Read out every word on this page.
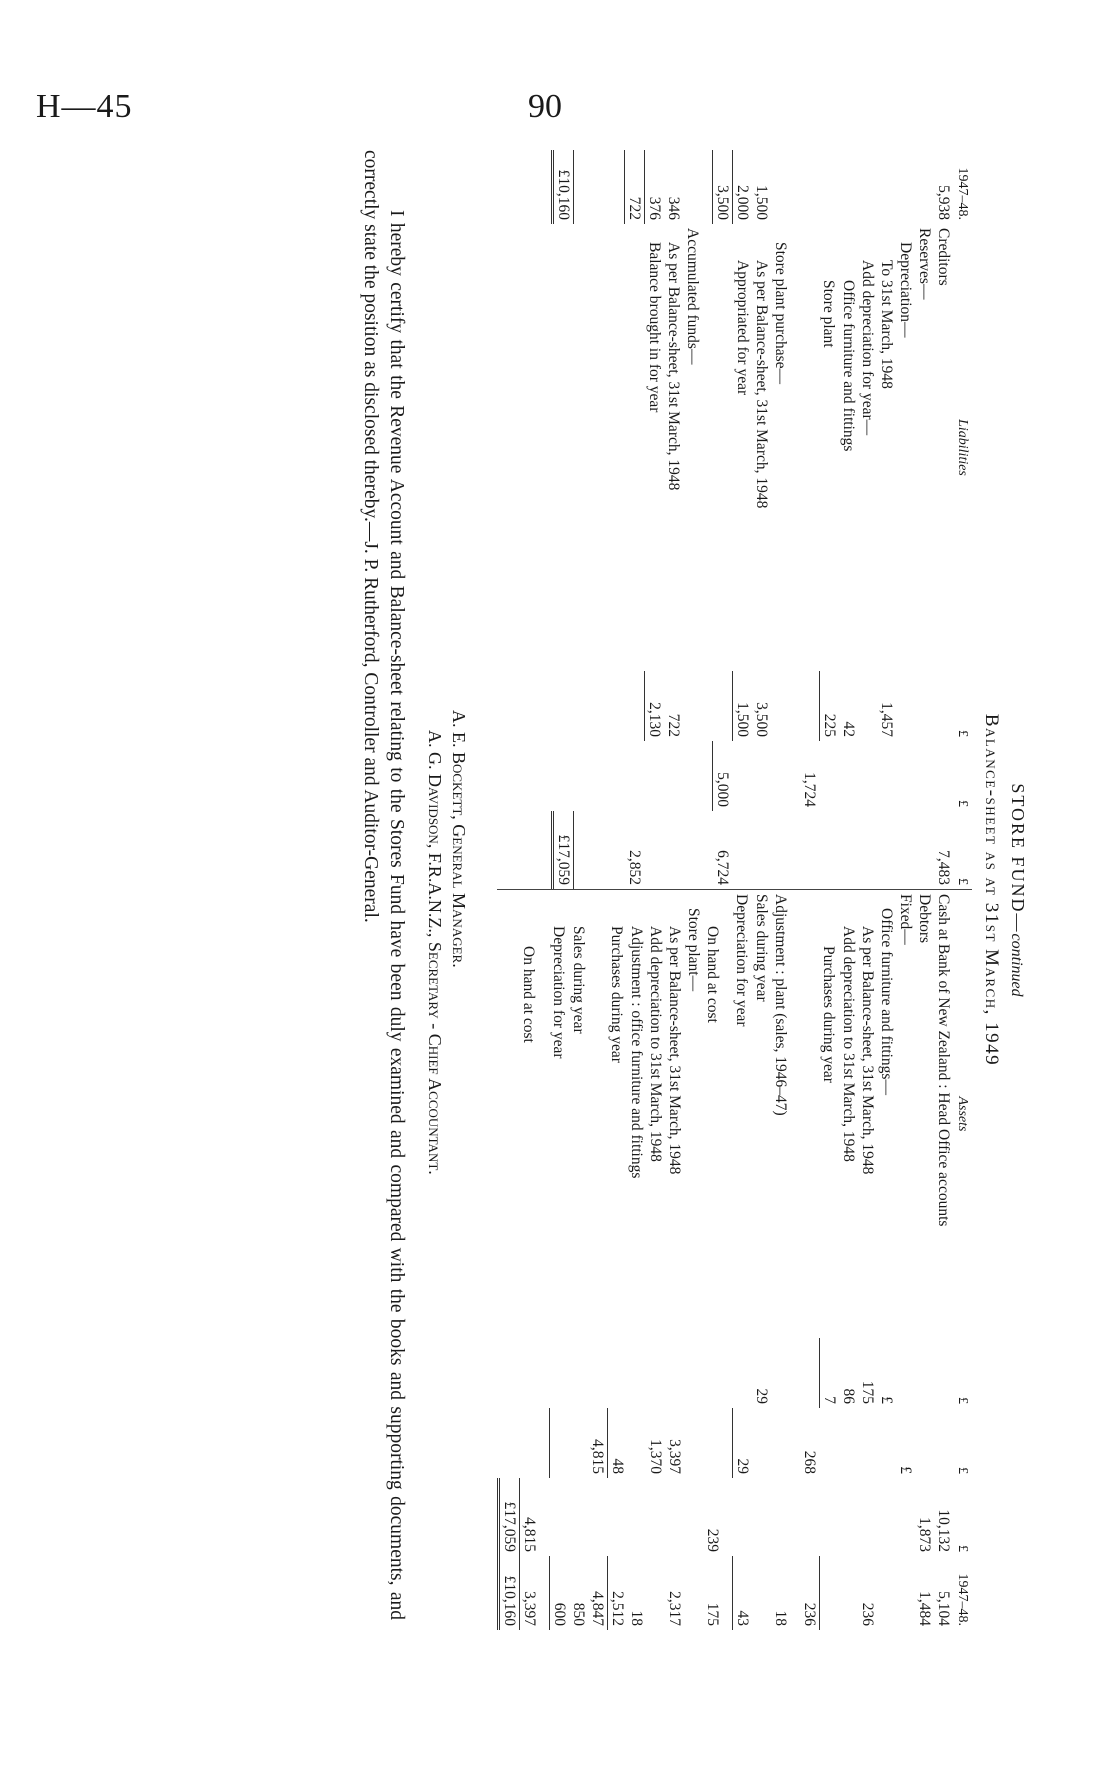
H—45	90
STORE FUND—continued
Balance-sheet as at 31st March, 1949
1947–48.	Liabilities	£	£	£
5,938	Creditors			7,483
	Reserves—			
	Depreciation—			
	To 31st March, 1948	1,457		
	Add depreciation for year—			
	Office furniture and fittings	42		
	Store plant	225		
			1,724	

	Store plant purchase—			
1,500	As per Balance-sheet, 31st March, 1948	3,500		
2,000	Appropriated for year	1,500		
3,500			5,000	6,724

	Accumulated funds—			
346	As per Balance-sheet, 31st March, 1948	722		
376	Balance brought in for year	2,130		
722				2,852

£10,160				£17,059
Assets	£	£	£	1947–48.
Cash at Bank of New Zealand : Head Office accounts			10,132	5,104
Debtors			1,873	1,484
Fixed—		£		
Office furniture and fittings—	£			
As per Balance-sheet, 31st March, 1948	175			236
Add depreciation to 31st March, 1948	86			
Purchases during year	7			
		268		236

Adjustment : plant (sales, 1946–47)				18
Sales during year	29			
Depreciation for year		29		43

On hand at cost			239	175
Store plant—				
As per Balance-sheet, 31st March, 1948		3,397		2,317
Add depreciation to 31st March, 1948		1,370		
Adjustment : office furniture and fittings				18
Purchases during year		48		2,512
		4,815		4,847
Sales during year				850
Depreciation for year				600

On hand at cost			4,815	3,397
			£17,059	£10,160
A. E. Bockett, General Manager.
A. G. Davidson, F.R.A.N.Z., Secretary - Chief Accountant.
I hereby certify that the Revenue Account and Balance-sheet relating to the Stores Fund have been duly examined and compared with the books and supporting documents, and correctly state the position as disclosed thereby.—J. P. Rutherford, Controller and Auditor-General.
